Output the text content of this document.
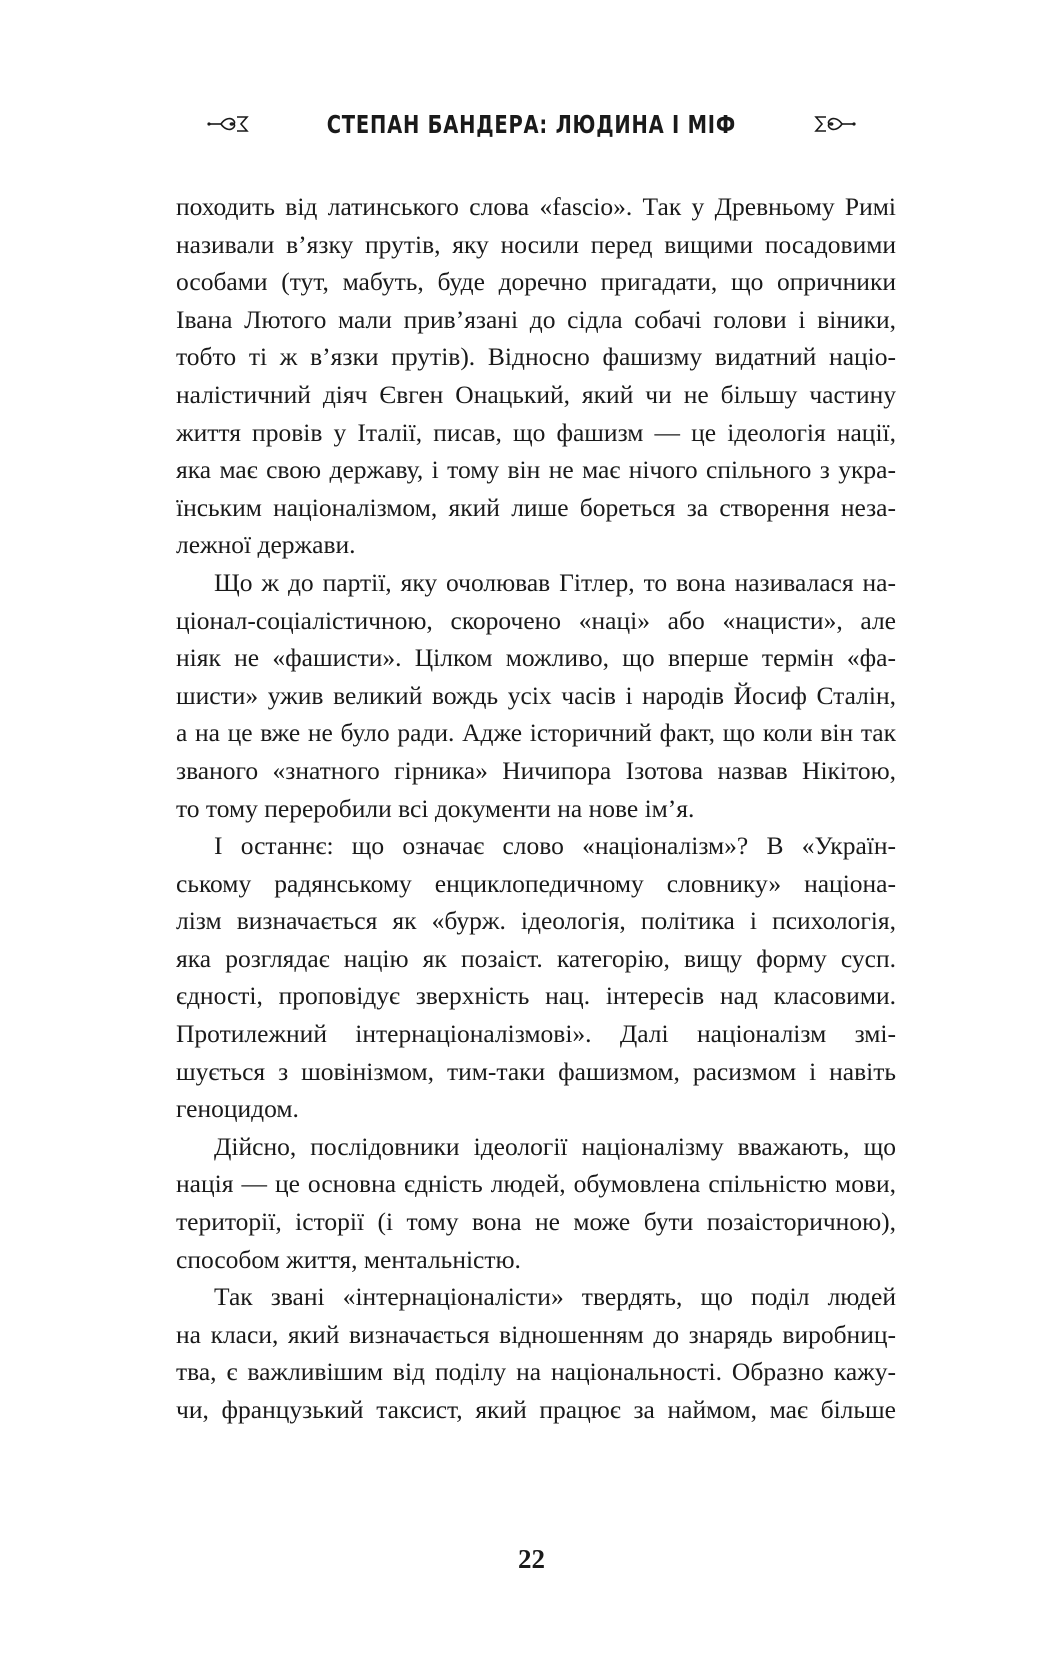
СТЕПАН БАНДЕРА: ЛЮДИНА І МІФ
походить від латинського слова «fascio». Так у Древньому Римі
називали в’язку прутів, яку носили перед вищими посадовими
особами (тут, мабуть, буде доречно пригадати, що опричники
Івана Лютого мали прив’язані до сідла собачі голови і віники,
тобто ті ж в’язки прутів). Відносно фашизму видатний націо-
налістичний діяч Євген Онацький, який чи не більшу частину
життя провів у Італії, писав, що фашизм — це ідеологія нації,
яка має свою державу, і тому він не має нічого спільного з укра-
їнським націоналізмом, який лише бореться за створення неза-
лежної держави.
Що ж до партії, яку очолював Гітлер, то вона називалася на-
ціонал-соціалістичною, скорочено «наці» або «нацисти», але
ніяк не «фашисти». Цілком можливо, що вперше термін «фа-
шисти» ужив великий вождь усіх часів і народів Йосиф Сталін,
а на це вже не було ради. Адже історичний факт, що коли він так
званого «знатного гірника» Ничипора Ізотова назвав Нікітою,
то тому переробили всі документи на нове ім’я.
І останнє: що означає слово «націоналізм»? В «Україн-
ському радянському енциклопедичному словнику» націона-
лізм визначається як «бурж. ідеологія, політика і психологія,
яка розглядає націю як позаіст. категорію, вищу форму сусп.
єдності, проповідує зверхність нац. інтересів над класовими.
Протилежний інтернаціоналізмові». Далі націоналізм змі-
шується з шовінізмом, тим-таки фашизмом, расизмом і навіть
геноцидом.
Дійсно, послідовники ідеології націоналізму вважають, що
нація — це основна єдність людей, обумовлена спільністю мови,
території, історії (і тому вона не може бути позаісторичною),
способом життя, ментальністю.
Так звані «інтернаціоналісти» твердять, що поділ людей
на класи, який визначається відношенням до знарядь виробниц-
тва, є важливішим від поділу на національності. Образно кажу-
чи, французький таксист, який працює за наймом, має більше
22
